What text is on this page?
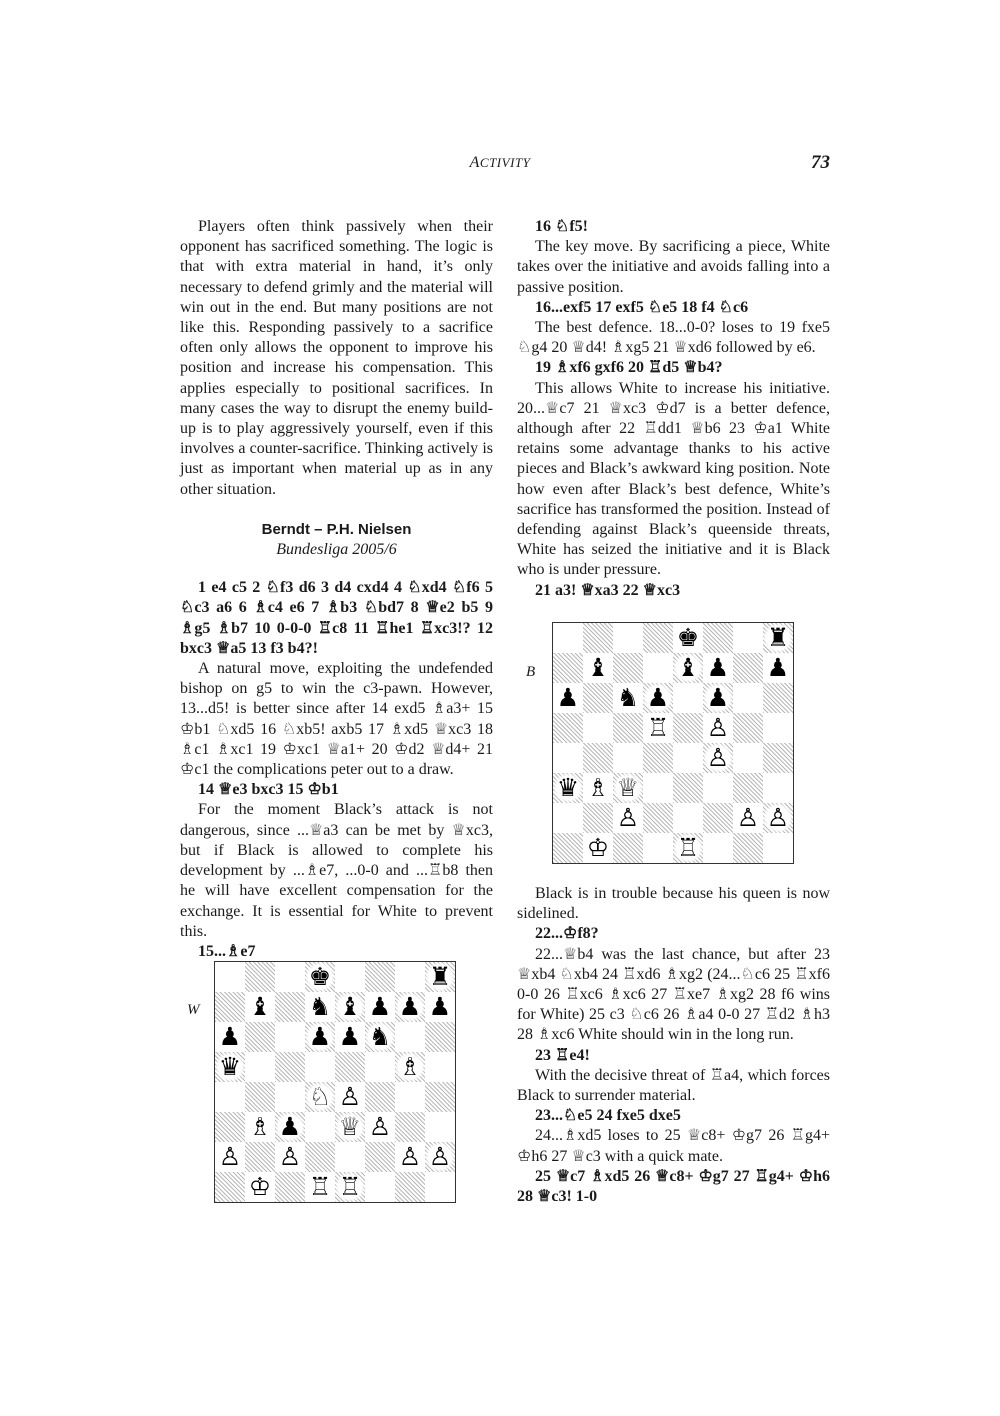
ACTIVITY	73

Players often think passively when their opponent has sacrificed something. The logic is that with extra material in hand, it’s only necessary to defend grimly and the material will win out in the end. But many positions are not like this. Responding passively to a sacrifice often only allows the opponent to improve his position and increase his compensation. This applies especially to positional sacrifices. In many cases the way to disrupt the enemy build-up is to play aggressively yourself, even if this involves a counter-sacrifice. Thinking actively is just as important when material up as in any other situation.

Berndt – P.H. Nielsen

Bundesliga 2005/6

1 e4 c5 2 ♘f3 d6 3 d4 cxd4 4 ♘xd4 ♘f6 5 ♘c3 a6 6 ♗c4 e6 7 ♗b3 ♘bd7 8 ♕e2 b5 9 ♗g5 ♗b7 10 0-0-0 ♖c8 11 ♖he1 ♖xc3!? 12 bxc3 ♕a5 13 f3 b4?!

A natural move, exploiting the undefended bishop on g5 to win the c3-pawn. However, 13...d5! is better since after 14 exd5 ♗a3+ 15 ♔b1 ♘xd5 16 ♘xb5! axb5 17 ♗xd5 ♕xc3 18 ♗c1 ♗xc1 19 ♔xc1 ♕a1+ 20 ♔d2 ♕d4+ 21 ♔c1 the complications peter out to a draw.

14 ♕e3 bxc3 15 ♔b1

For the moment Black’s attack is not dangerous, since ...♕a3 can be met by ♕xc3, but if Black is allowed to complete his development by ...♗e7, ...0-0 and ...♖b8 then he will have excellent compensation for the exchange. It is essential for White to prevent this.

15...♗e7

W
			♚				♜
	♝		♞	♝	♟	♟	♟
♟			♟	♟	♞		
♛						♗	
			♘	♙			
	♗	♟		♕	♙		
♙		♙				♙	♙
	♔		♖	♖			

16 ♘f5!

The key move. By sacrificing a piece, White takes over the initiative and avoids falling into a passive position.

16...exf5 17 exf5 ♘e5 18 f4 ♘c6

The best defence. 18...0-0? loses to 19 fxe5 ♘g4 20 ♕d4! ♗xg5 21 ♕xd6 followed by e6.

19 ♗xf6 gxf6 20 ♖d5 ♕b4?

This allows White to increase his initiative. 20...♕c7 21 ♕xc3 ♔d7 is a better defence, although after 22 ♖dd1 ♕b6 23 ♔a1 White retains some advantage thanks to his active pieces and Black’s awkward king position. Note how even after Black’s best defence, White’s sacrifice has transformed the position. Instead of defending against Black’s queenside threats, White has seized the initiative and it is Black who is under pressure.

21 a3! ♕xa3 22 ♕xc3

B
				♚			♜
	♝			♝	♟		♟
♟		♞	♟		♟		
			♖		♙		
					♙		
♛	♗	♕					
		♙				♙	♙
	♔			♖			

Black is in trouble because his queen is now sidelined.

22...♔f8?

22...♕b4 was the last chance, but after 23 ♕xb4 ♘xb4 24 ♖xd6 ♗xg2 (24...♘c6 25 ♖xf6 0-0 26 ♖xc6 ♗xc6 27 ♖xe7 ♗xg2 28 f6 wins for White) 25 c3 ♘c6 26 ♗a4 0-0 27 ♖d2 ♗h3 28 ♗xc6 White should win in the long run.

23 ♖e4!

With the decisive threat of ♖a4, which forces Black to surrender material.

23...♘e5 24 fxe5 dxe5

24...♗xd5 loses to 25 ♕c8+ ♔g7 26 ♖g4+ ♔h6 27 ♕c3 with a quick mate.

25 ♕c7 ♗xd5 26 ♕c8+ ♔g7 27 ♖g4+ ♔h6 28 ♕c3! 1-0
